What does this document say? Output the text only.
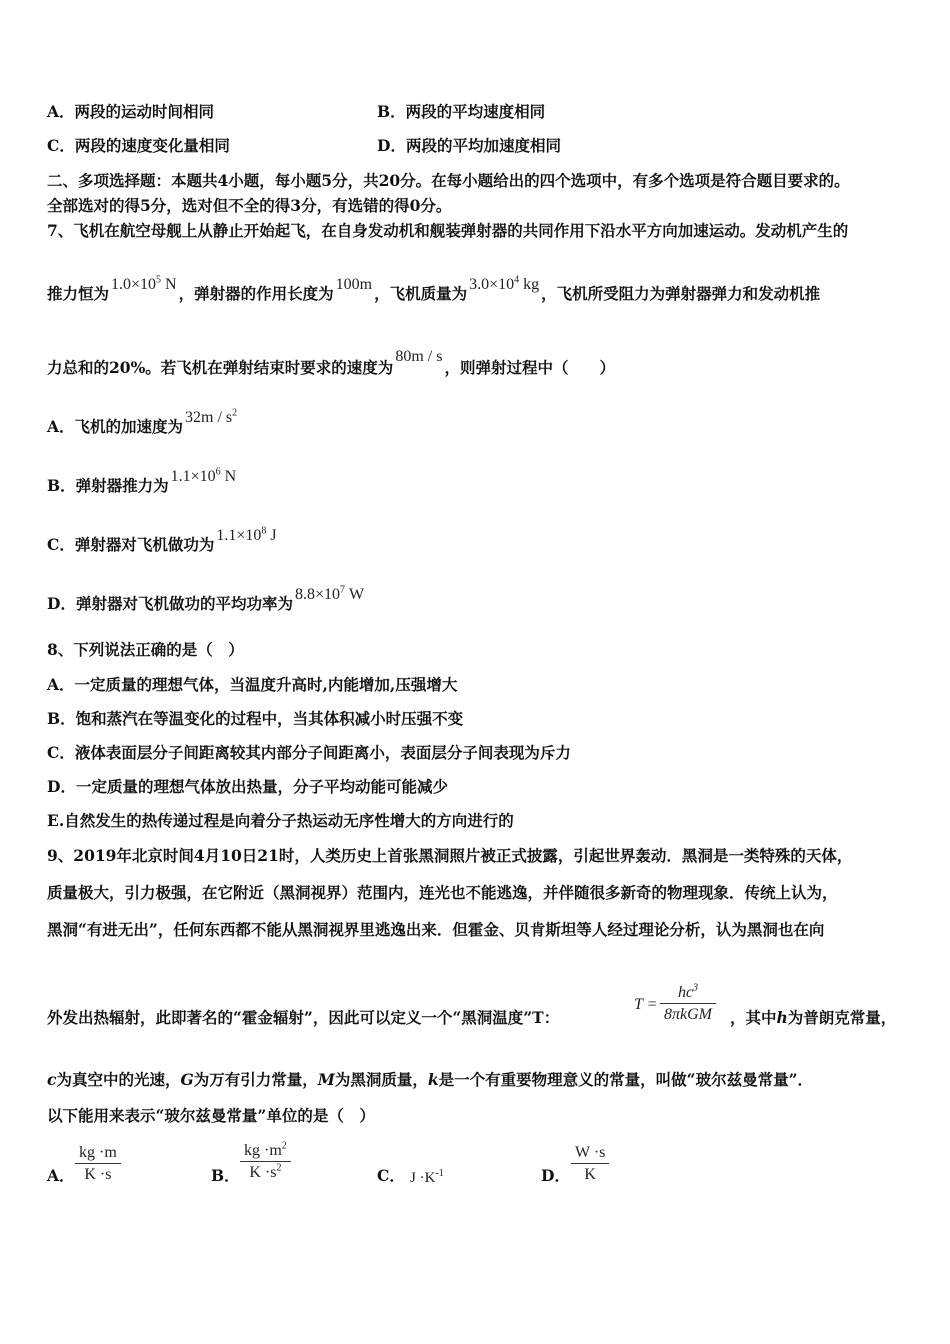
A．两段的运动时间相同	B．两段的平均速度相同
C．两段的速度变化量相同	D．两段的平均加速度相同
二、多项选择题：本题共4小题，每小题5分，共20分。在每小题给出的四个选项中，有多个选项是符合题目要求的。
全部选对的得5分，选对但不全的得3分，有选错的得0分。
7、飞机在航空母舰上从静止开始起飞，在自身发动机和舰装弹射器的共同作用下沿水平方向加速运动。发动机产生的
推力恒为 $1.0\times 10^5$ N ，弹射器的作用长度为 100m ，飞机质量为 $3.0\times 10^4$ kg ，飞机所受阻力为弹射器弹力和发动机推
力总和的20%。若飞机在弹射结束时要求的速度为80m / s，则弹射过程中（　　）
A．飞机的加速度为 $32m / s^2$
B．弹射器推力为 $1.1\times 10^6$ N
C．弹射器对飞机做功为 $1.1\times 10^8$ J
D．弹射器对飞机做功的平均功率为 $8.8\times 10^7$ W
8、下列说法正确的是（　）
A．一定质量的理想气体，当温度升高时,内能增加,压强增大
B．饱和蒸汽在等温变化的过程中，当其体积减小时压强不变
C．液体表面层分子间距离较其内部分子间距离小，表面层分子间表现为斥力
D．一定质量的理想气体放出热量，分子平均动能可能减少
E.自然发生的热传递过程是向着分子热运动无序性增大的方向进行的
9、2019年北京时间4月10日21时，人类历史上首张黑洞照片被正式披露，引起世界轰动．黑洞是一类特殊的天体，
质量极大，引力极强，在它附近（黑洞视界）范围内，连光也不能逃逸，并伴随很多新奇的物理现象．传统上认为，
黑洞“有进无出”，任何东西都不能从黑洞视界里逃逸出来．但霍金、贝肯斯坦等人经过理论分析，认为黑洞也在向
外发出热辐射，此即著名的“霍金辐射”，因此可以定义一个“黑洞温度”T：
T =
$hc^3$
8πkGM ，其中h为普朗克常量，
c为真空中的光速，G为万有引力常量，M为黑洞质量，k是一个有重要物理意义的常量，叫做“玻尔兹曼常量”．
以下能用来表示“玻尔兹曼常量”单位的是（　）
A． $\frac{kg \cdot m}{K \cdot s}$	B． $\frac{kg \cdot m^2}{K \cdot s^2}$	C． $J \cdot K^{-1}$	D． $\frac{W \cdot s}{K}$
